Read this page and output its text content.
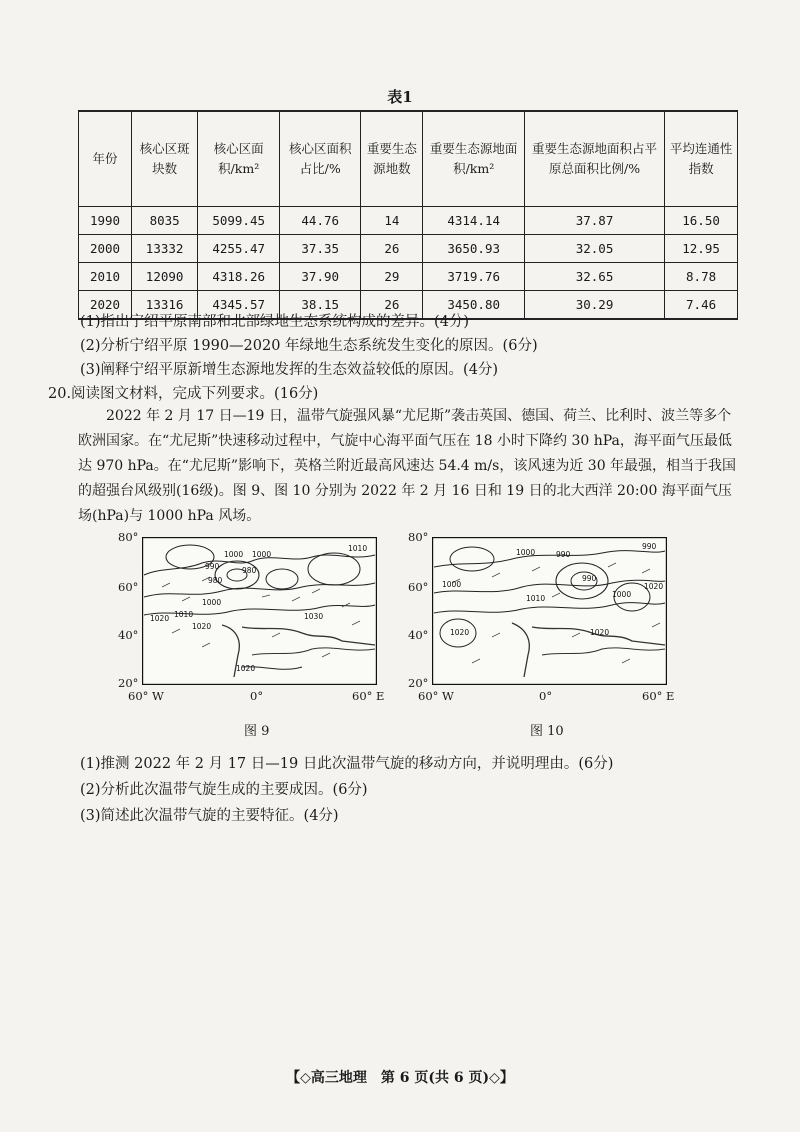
表1
年份	核心区斑块数	核心区面积/km²	核心区面积占比/%	重要生态源地数	重要生态源地面积/km²	重要生态源地面积占平原总面积比例/%	平均连通性指数
1990	8035	5099.45	44.76	14	4314.14	37.87	16.50
2000	13332	4255.47	37.35	26	3650.93	32.05	12.95
2010	12090	4318.26	37.90	29	3719.76	32.65	8.78
2020	13316	4345.57	38.15	26	3450.80	30.29	7.46
(1)指出宁绍平原南部和北部绿地生态系统构成的差异。(4分)
(2)分析宁绍平原 1990—2020 年绿地生态系统发生变化的原因。(6分)
(3)阐释宁绍平原新增生态源地发挥的生态效益较低的原因。(4分)
20.阅读图文材料，完成下列要求。(16分)
2022 年 2 月 17 日—19 日，温带气旋强风暴“尤尼斯”袭击英国、德国、荷兰、比利时、波兰等多个欧洲国家。在“尤尼斯”快速移动过程中，气旋中心海平面气压在 18 小时下降约 30 hPa，海平面气压最低达 970 hPa。在“尤尼斯”影响下，英格兰附近最高风速达 54.4 m/s，该风速为近 30 年最强，相当于我国的超强台风级别(16级)。图 9、图 10 分别为 2022 年 2 月 16 日和 19 日的北大西洋 20:00 海平面气压场(hPa)与 1000 hPa 风场。
1000 1000
1010
990
980
980
1000
1010
1020
1020
1030
1020
80°
60°
40°
20°
60° W	0°	60° E
图 9
990
1000	990
990
1000
1010
1020	1020
1020
1000
80°
60°
40°
20°
60° W	0°	60° E
图 10
(1)推测 2022 年 2 月 17 日—19 日此次温带气旋的移动方向，并说明理由。(6分)
(2)分析此次温带气旋生成的主要成因。(6分)
(3)简述此次温带气旋的主要特征。(4分)
【◇高三地理　第 6 页(共 6 页)◇】
